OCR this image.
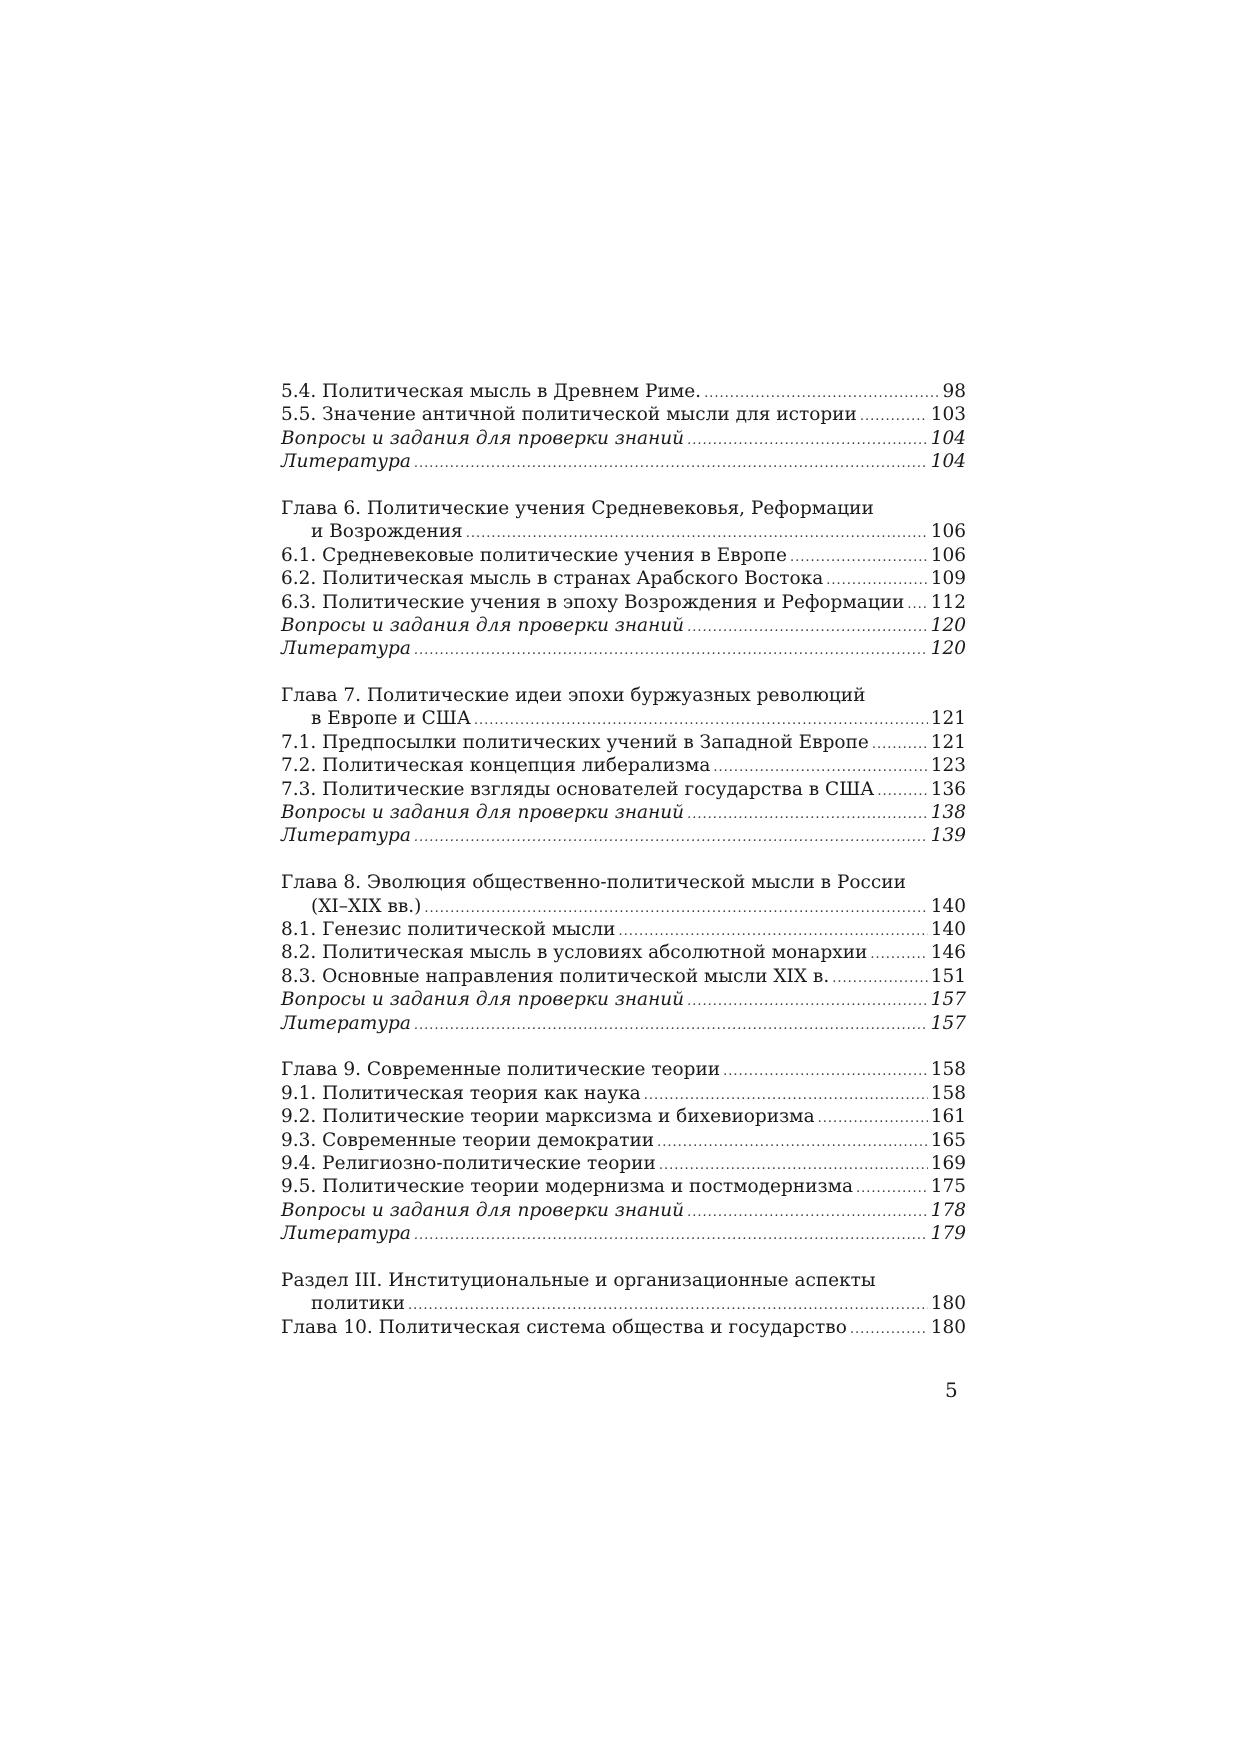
5.4. Политическая мысль в Древнем Риме. .....	98
5.5. Значение античной политической мысли для истории .....	103
Вопросы и задания для проверки знаний .....	104
Литература .....	104
Глава 6. Политические учения Средневековья, Реформации
и Возрождения .....	106
6.1. Средневековые политические учения в Европе .....	106
6.2. Политическая мысль в странах Арабского Востока .....	109
6.3. Политические учения в эпоху Возрождения и Реформации ..... 112
Вопросы и задания для проверки знаний .....	120
Литература .....	120
Глава 7. Политические идеи эпохи буржуазных революций
в Европе и США .....	121
7.1. Предпосылки политических учений в Западной Европе .....	121
7.2. Политическая концепция либерализма .....	123
7.3. Политические взгляды основателей государства в США .....	136
Вопросы и задания для проверки знаний .....	138
Литература .....	139
Глава 8. Эволюция общественно-политической мысли в России
(XI–XIX вв.) .....	140
8.1. Генезис политической мысли .....	140
8.2. Политическая мысль в условиях абсолютной монархии .....	146
8.3. Основные направления политической мысли XIX в. .....	151
Вопросы и задания для проверки знаний .....	157
Литература .....	157
Глава 9. Современные политические теории .....	158
9.1. Политическая теория как наука .....	158
9.2. Политические теории марксизма и бихевиоризма .....	161
9.3. Современные теории демократии .....	165
9.4. Религиозно-политические теории .....	169
9.5. Политические теории модернизма и постмодернизма .....	175
Вопросы и задания для проверки знаний .....	178
Литература .....	179
Раздел III. Институциональные и организационные аспекты
политики .....	180
Глава 10. Политическая система общества и государство .....	180
5
